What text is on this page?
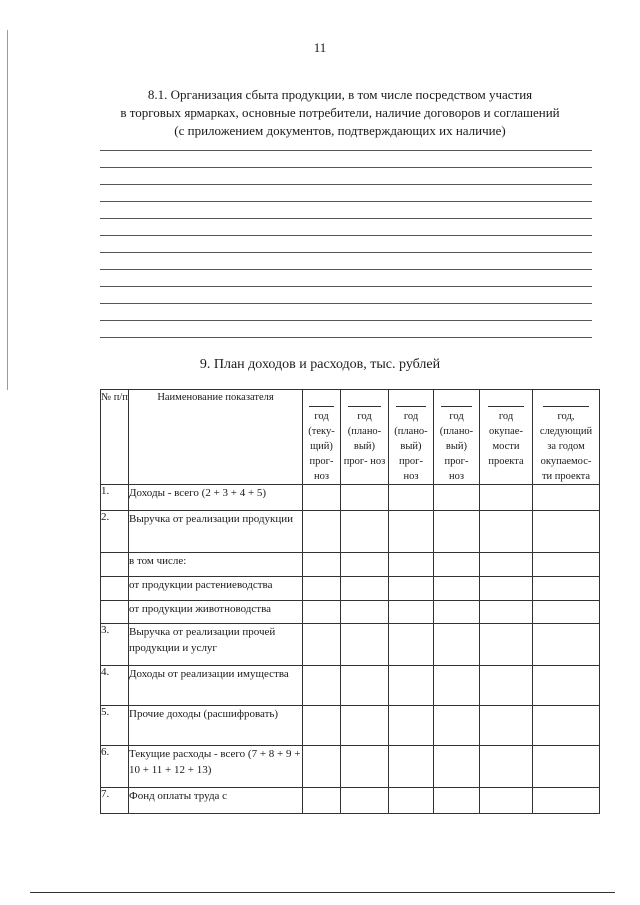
11
8.1. Организация сбыта продукции, в том числе посредством участия
в торговых ярмарках, основные потребители, наличие договоров и соглашений
(с приложением документов, подтверждающих их наличие)
9. План доходов и расходов, тыс. рублей
№ п/п	Наименование показателя	год (теку- щий) прог- ноз	год (плано- вый) прог- ноз	год (плано- вый) прог- ноз	год (плано- вый) прог- ноз	год окупае- мости проекта	год, следующий за годом окупаемос- ти проекта

1.	Доходы - всего (2 + 3 + 4 + 5)						
2.	Выручка от реализации продукции						
	в том числе:						
	от продукции растениеводства						
	от продукции животноводства						
3.	Выручка от реализации прочей продукции и услуг						
4.	Доходы от реализации имущества						
5.	Прочие доходы (расшифровать)						
6.	Текущие расходы - всего (7 + 8 + 9 + 10 + 11 + 12 + 13)						
7.	Фонд оплаты труда с						
